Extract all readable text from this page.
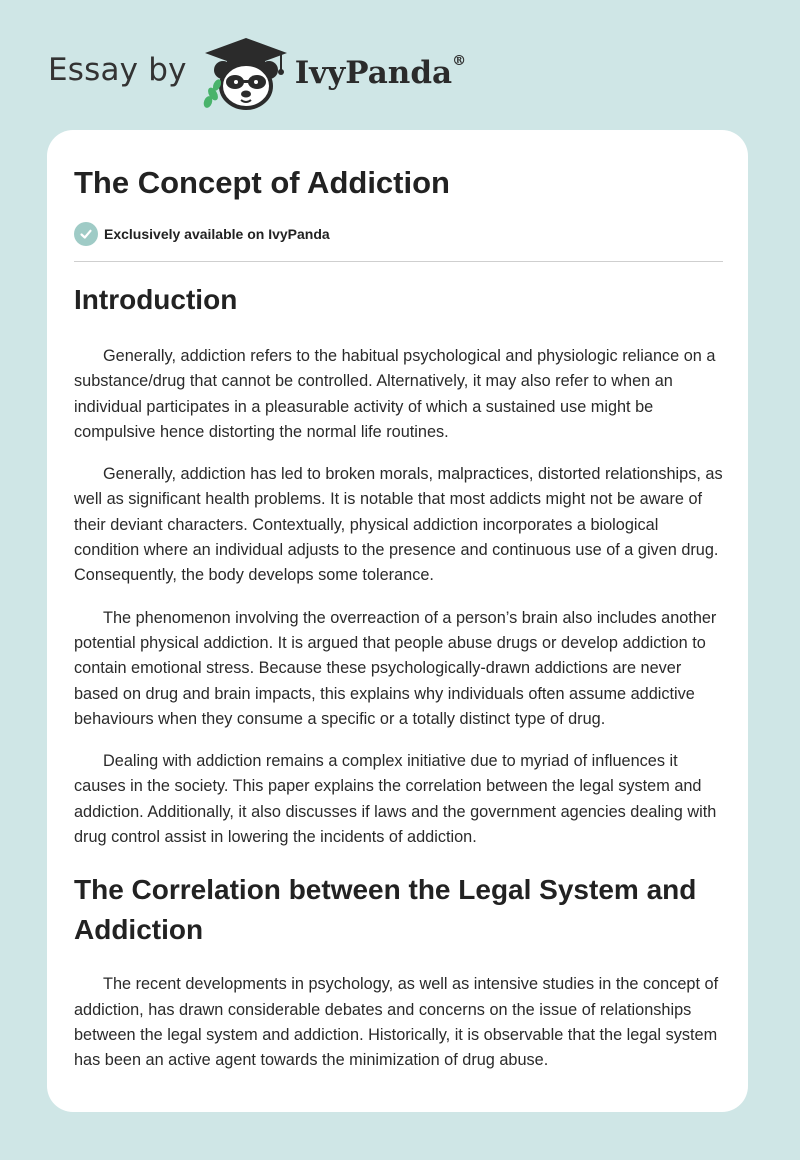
Essay by	IvyPanda®
The Concept of Addiction
Exclusively available on IvyPanda
Introduction

Generally, addiction refers to the habitual psychological and physiologic reliance on a substance/drug that cannot be controlled. Alternatively, it may also refer to when an individual participates in a pleasurable activity of which a sustained use might be compulsive hence distorting the normal life routines.

Generally, addiction has led to broken morals, malpractices, distorted relationships, as well as significant health problems. It is notable that most addicts might not be aware of their deviant characters. Contextually, physical addiction incorporates a biological condition where an individual adjusts to the presence and continuous use of a given drug. Consequently, the body develops some tolerance.

The phenomenon involving the overreaction of a person’s brain also includes another potential physical addiction. It is argued that people abuse drugs or develop addiction to contain emotional stress. Because these psychologically-drawn addictions are never based on drug and brain impacts, this explains why individuals often assume addictive behaviours when they consume a specific or a totally distinct type of drug.

Dealing with addiction remains a complex initiative due to myriad of influences it causes in the society. This paper explains the correlation between the legal system and addiction. Additionally, it also discusses if laws and the government agencies dealing with drug control assist in lowering the incidents of addiction.

The Correlation between the Legal System and Addiction

The recent developments in psychology, as well as intensive studies in the concept of addiction, has drawn considerable debates and concerns on the issue of relationships between the legal system and addiction. Historically, it is observable that the legal system has been an active agent towards the minimization of drug abuse.
